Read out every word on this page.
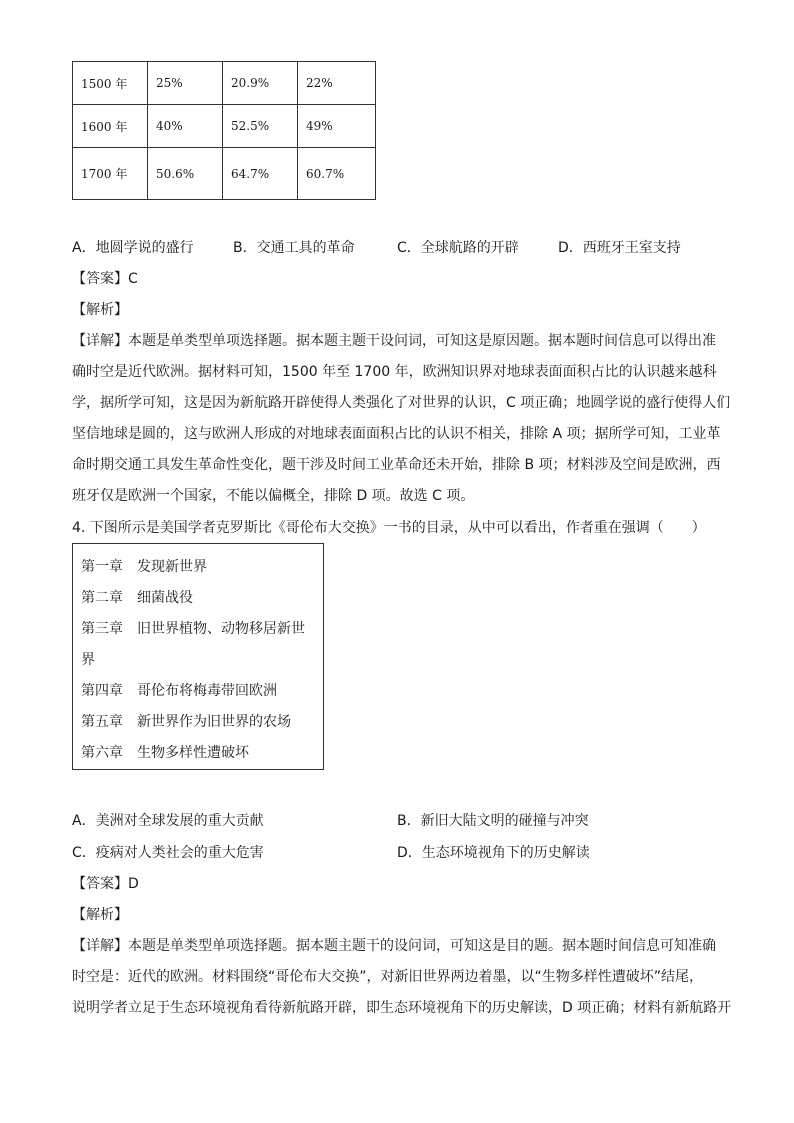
1500 年	25%	20.9%	22%
1600 年	40%	52.5%	49%
1700 年	50.6%	64.7%	60.7%
A．地圆学说的盛行	B．交通工具的革命	C．全球航路的开辟	D．西班牙王室支持
【答案】C
【解析】
【详解】本题是单类型单项选择题。据本题主题干设问词，可知这是原因题。据本题时间信息可以得出准
确时空是近代欧洲。据材料可知，1500 年至 1700 年，欧洲知识界对地球表面面积占比的认识越来越科
学，据所学可知，这是因为新航路开辟使得人类强化了对世界的认识，C 项正确；地圆学说的盛行使得人们
坚信地球是圆的，这与欧洲人形成的对地球表面面积占比的认识不相关，排除 A 项；据所学可知，工业革
命时期交通工具发生革命性变化，题干涉及时间工业革命还未开始，排除 B 项；材料涉及空间是欧洲，西
班牙仅是欧洲一个国家，不能以偏概全，排除 D 项。故选 C 项。
4. 下图所示是美国学者克罗斯比《哥伦布大交换》一书的目录，从中可以看出，作者重在强调（　　）
第一章　发现新世界
第二章　细菌战役
第三章　旧世界植物、动物移居新世
界
第四章　哥伦布将梅毒带回欧洲
第五章　新世界作为旧世界的农场
第六章　生物多样性遭破坏
A．美洲对全球发展的重大贡献	B．新旧大陆文明的碰撞与冲突
C．疫病对人类社会的重大危害	D．生态环境视角下的历史解读
【答案】D
【解析】
【详解】本题是单类型单项选择题。据本题主题干的设问词，可知这是目的题。据本题时间信息可知准确
时空是：近代的欧洲。材料围绕“哥伦布大交换”，对新旧世界两边着墨，以“生物多样性遭破坏”结尾，
说明学者立足于生态环境视角看待新航路开辟，即生态环境视角下的历史解读，D 项正确；材料有新航路开
